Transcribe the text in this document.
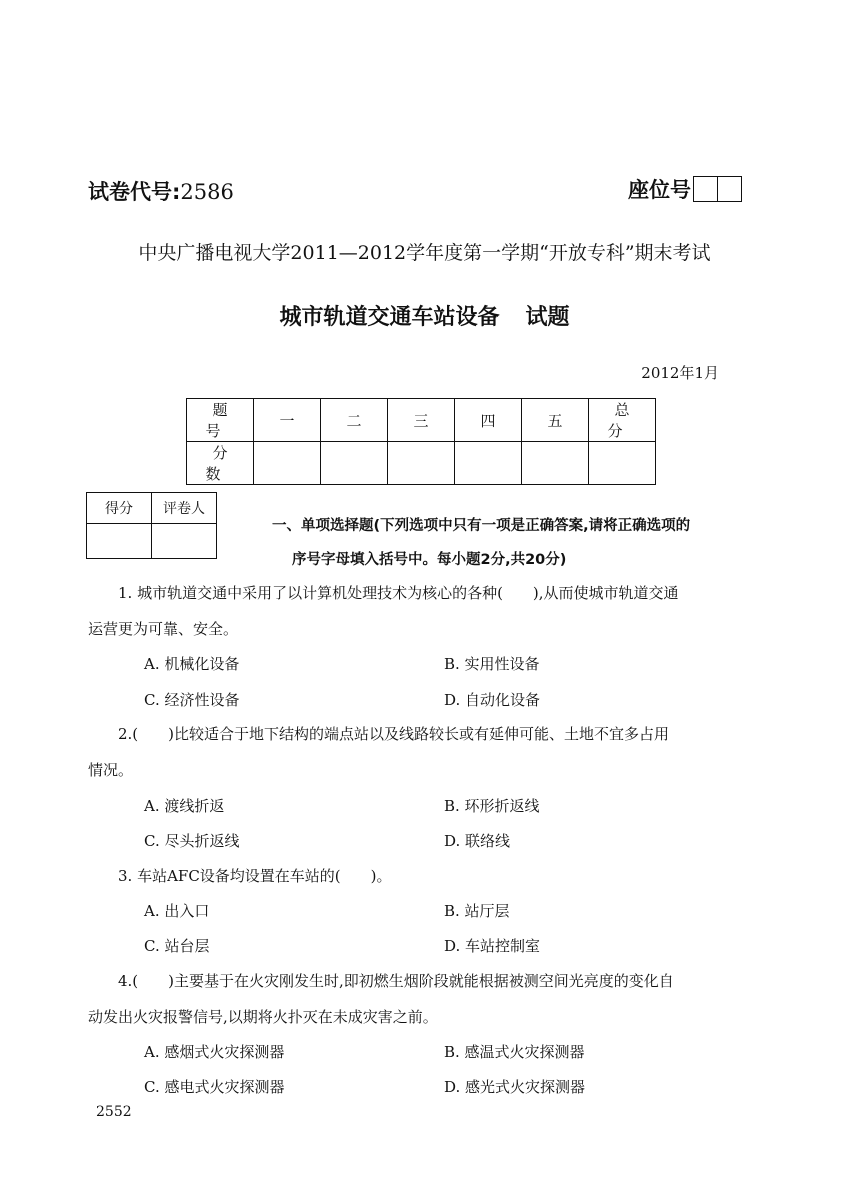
试卷代号:2586	座位号
中央广播电视大学2011—2012学年度第一学期“开放专科”期末考试
城市轨道交通车站设备 试题
2012年1月
题号	一	二	三	四	五	总分
分数						
得分	评卷人

一、单项选择题(下列选项中只有一项是正确答案,请将正确选项的
序号字母填入括号中。每小题2分,共20分)
1. 城市轨道交通中采用了以计算机处理技术为核心的各种(　　),从而使城市轨道交通
运营更为可靠、安全。
A. 机械化设备	B. 实用性设备
C. 经济性设备	D. 自动化设备
2.(　　)比较适合于地下结构的端点站以及线路较长或有延伸可能、土地不宜多占用
情况。
A. 渡线折返	B. 环形折返线
C. 尽头折返线	D. 联络线
3. 车站AFC设备均设置在车站的(　　)。
A. 出入口	B. 站厅层
C. 站台层	D. 车站控制室
4.(　　)主要基于在火灾刚发生时,即初燃生烟阶段就能根据被测空间光亮度的变化自
动发出火灾报警信号,以期将火扑灭在未成灾害之前。
A. 感烟式火灾探测器	B. 感温式火灾探测器
C. 感电式火灾探测器	D. 感光式火灾探测器
2552
